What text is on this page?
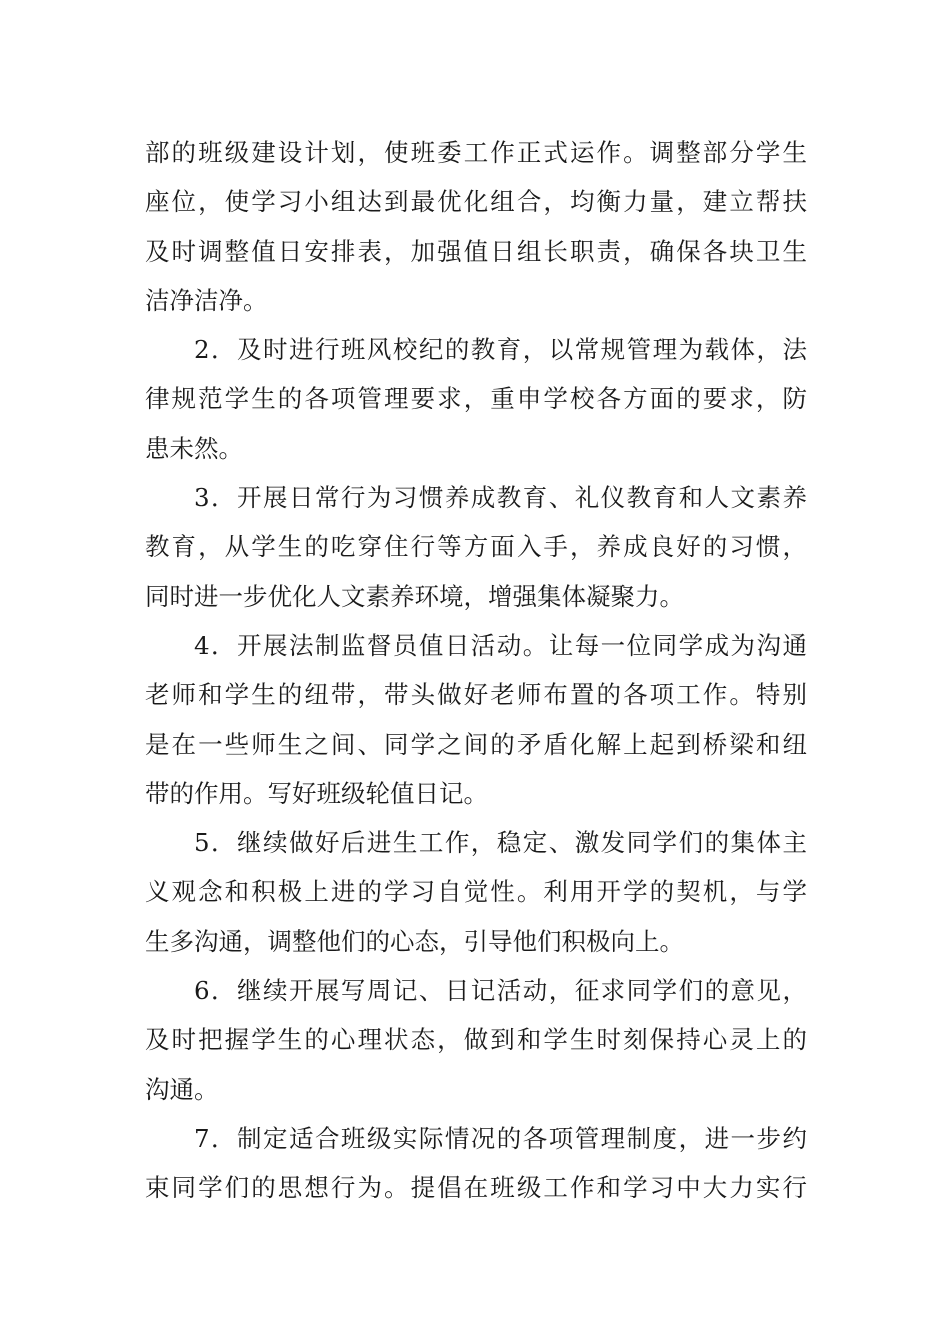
部的班级建设计划，使班委工作正式运作。调整部分学生
座位，使学习小组达到最优化组合，均衡力量，建立帮扶
及时调整值日安排表，加强值日组长职责，确保各块卫生
洁净洁净。

2．及时进行班风校纪的教育，以常规管理为载体，法
律规范学生的各项管理要求，重申学校各方面的要求，防
患未然。

3．开展日常行为习惯养成教育、礼仪教育和人文素养
教育，从学生的吃穿住行等方面入手，养成良好的习惯，
同时进一步优化人文素养环境，增强集体凝聚力。

4．开展法制监督员值日活动。让每一位同学成为沟通
老师和学生的纽带，带头做好老师布置的各项工作。特别
是在一些师生之间、同学之间的矛盾化解上起到桥梁和纽
带的作用。写好班级轮值日记。

5．继续做好后进生工作，稳定、激发同学们的集体主
义观念和积极上进的学习自觉性。利用开学的契机，与学
生多沟通，调整他们的心态，引导他们积极向上。

6．继续开展写周记、日记活动，征求同学们的意见，
及时把握学生的心理状态，做到和学生时刻保持心灵上的
沟通。

7．制定适合班级实际情况的各项管理制度，进一步约
束同学们的思想行为。提倡在班级工作和学习中大力实行
